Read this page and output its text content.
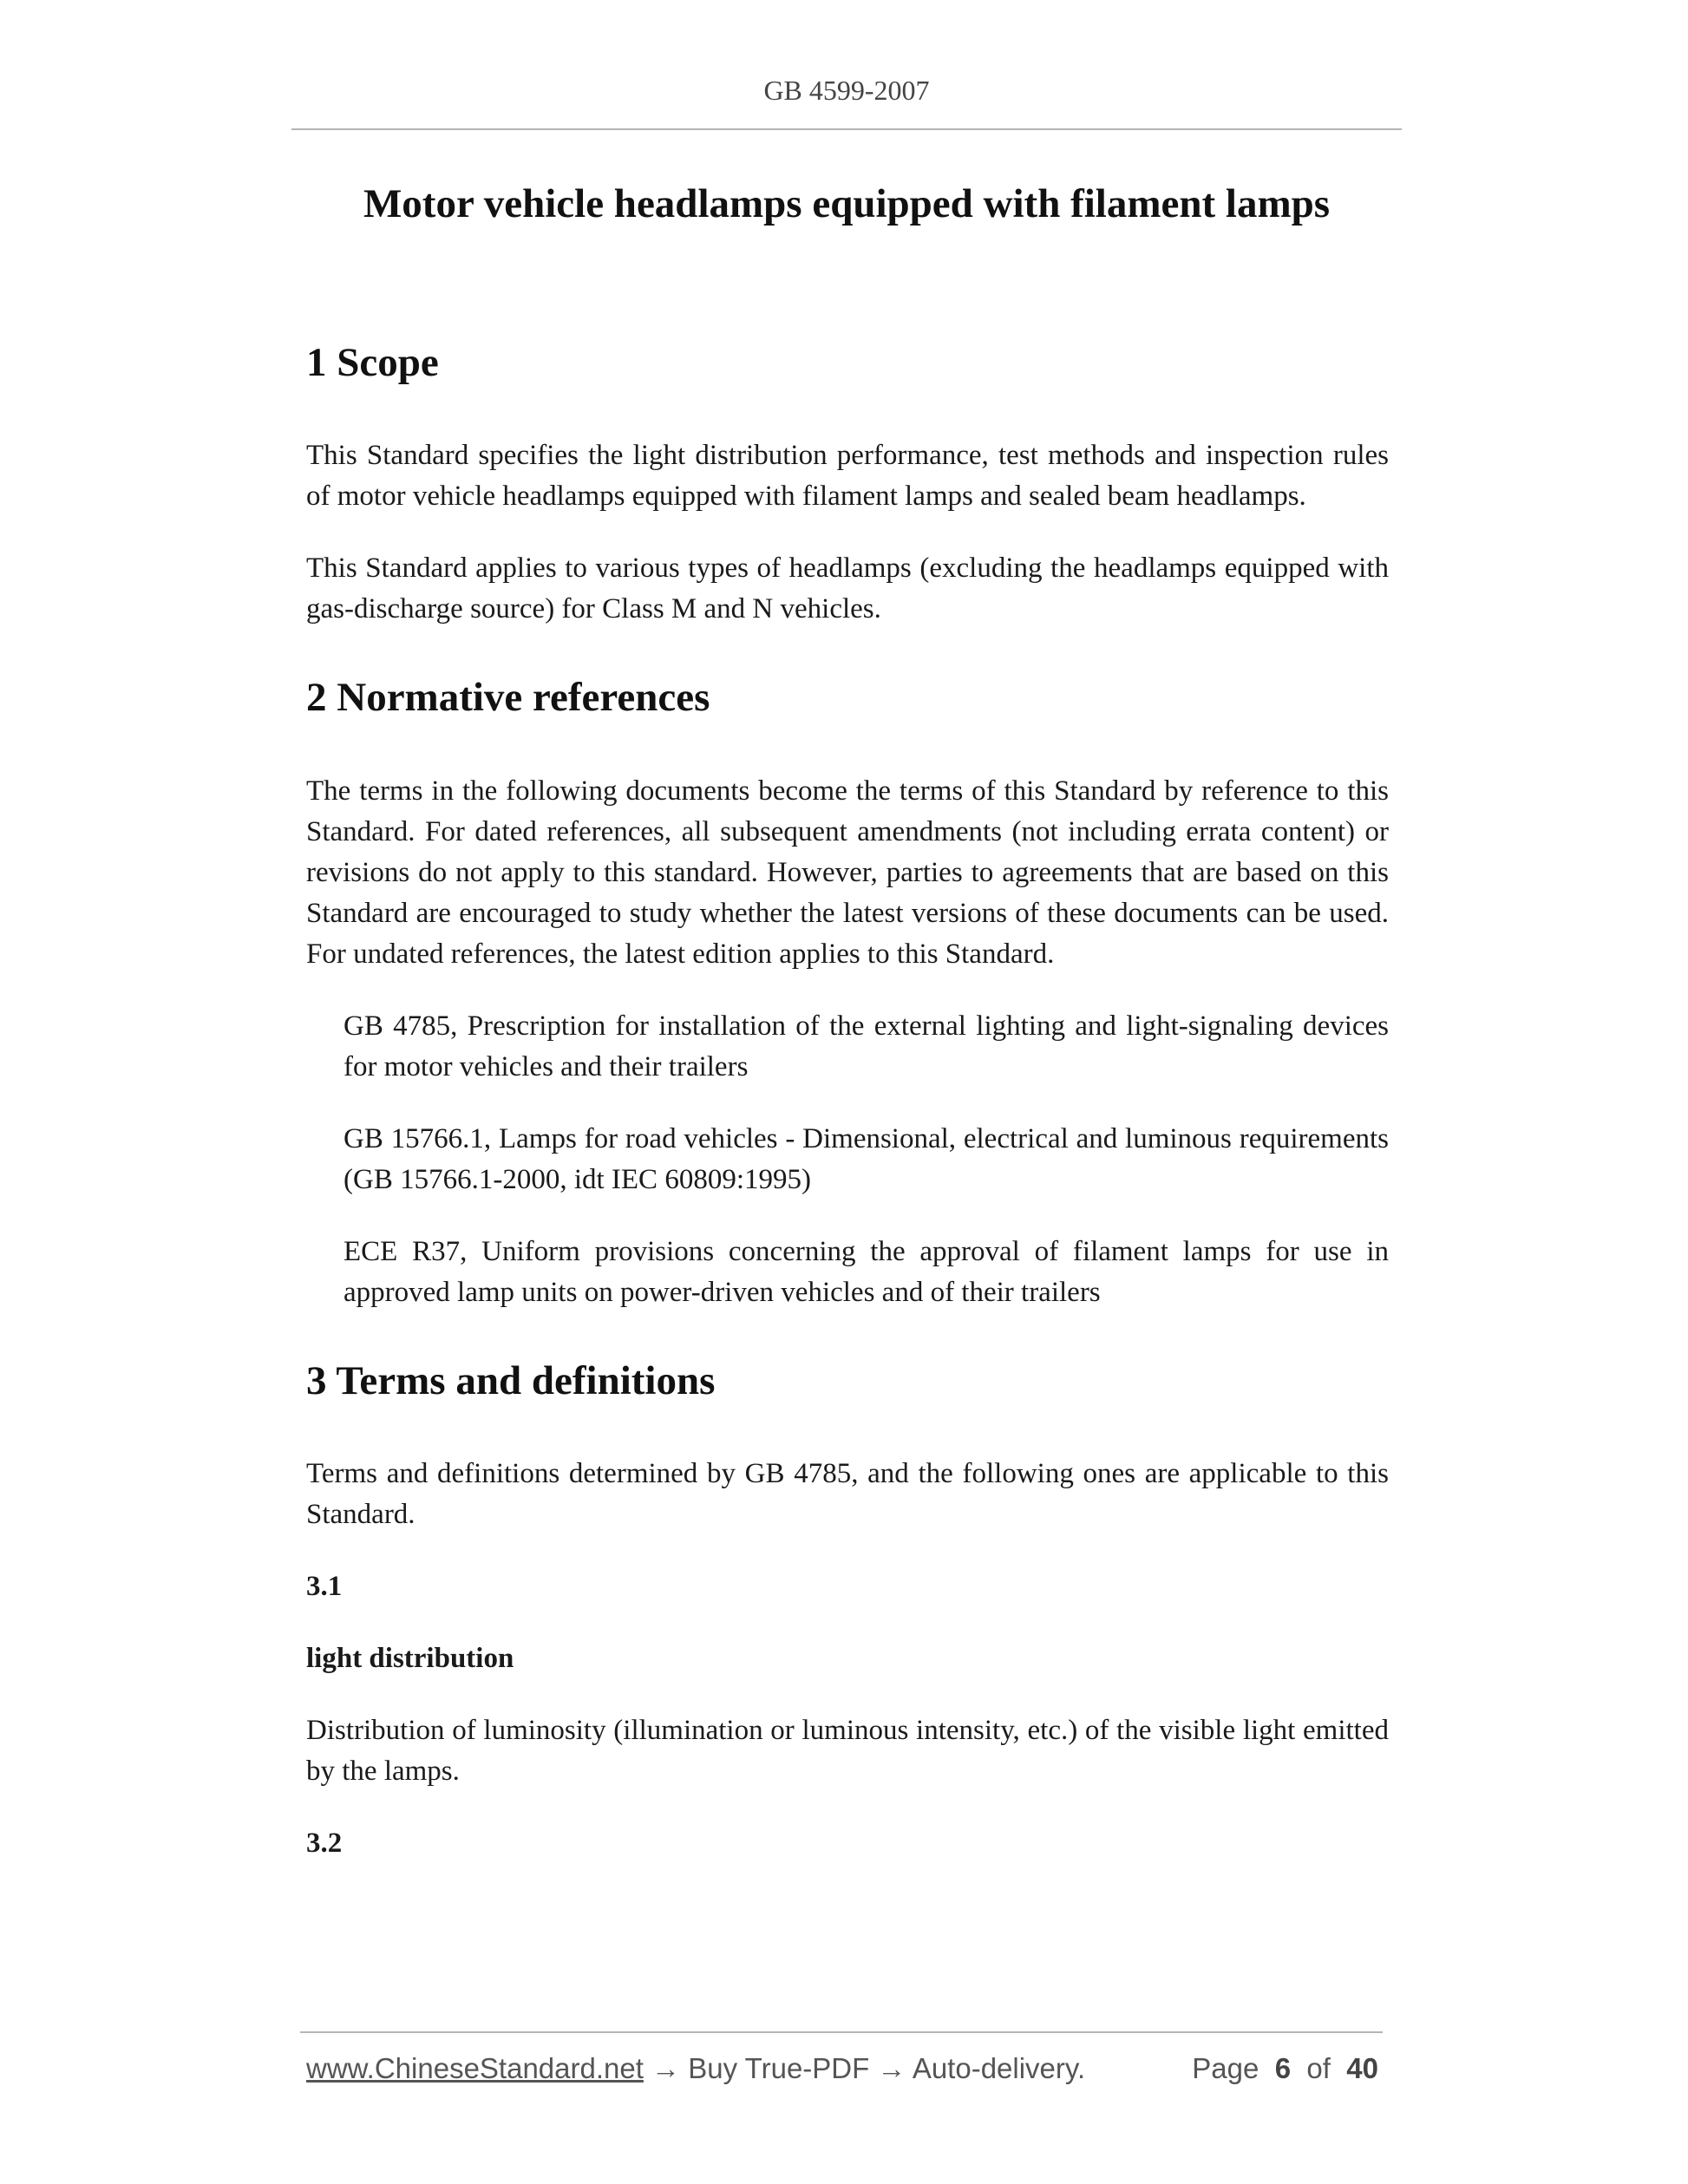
GB 4599-2007
Motor vehicle headlamps equipped with filament lamps
1 Scope

This Standard specifies the light distribution performance, test methods and inspection rules of motor vehicle headlamps equipped with filament lamps and sealed beam headlamps.

This Standard applies to various types of headlamps (excluding the headlamps equipped with gas-discharge source) for Class M and N vehicles.

2 Normative references

The terms in the following documents become the terms of this Standard by reference to this Standard. For dated references, all subsequent amendments (not including errata content) or revisions do not apply to this standard. However, parties to agreements that are based on this Standard are encouraged to study whether the latest versions of these documents can be used. For undated references, the latest edition applies to this Standard.

GB 4785, Prescription for installation of the external lighting and light-signaling devices for motor vehicles and their trailers

GB 15766.1, Lamps for road vehicles - Dimensional, electrical and luminous requirements (GB 15766.1-2000, idt IEC 60809:1995)

ECE R37, Uniform provisions concerning the approval of filament lamps for use in approved lamp units on power-driven vehicles and of their trailers

3 Terms and definitions

Terms and definitions determined by GB 4785, and the following ones are applicable to this Standard.

3.1

light distribution

Distribution of luminosity (illumination or luminous intensity, etc.) of the visible light emitted by the lamps.

3.2

www.ChineseStandard.net → Buy True-PDF → Auto-delivery.	Page 6 of 40
